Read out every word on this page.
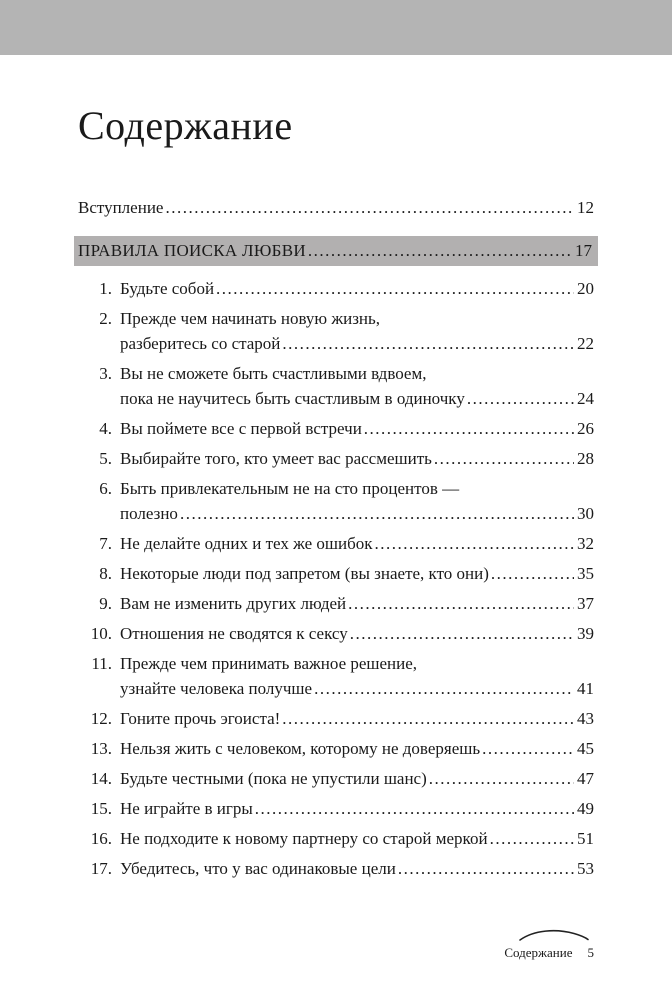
Содержание
Вступление .....	12
ПРАВИЛА ПОИСКА ЛЮБВИ .....	17
1. Будьте собой .....	20
2. Прежде чем начинать новую жизнь,
разберитесь со старой .....	22
3. Вы не сможете быть счастливыми вдвоем,
пока не научитесь быть счастливым в одиночку .....	24
4. Вы поймете все с первой встречи .....	26
5. Выбирайте того, кто умеет вас рассмешить .....	28
6. Быть привлекательным не на сто процентов —
полезно .....	30
7. Не делайте одних и тех же ошибок .....	32
8. Некоторые люди под запретом (вы знаете, кто они) .....	35
9. Вам не изменить других людей .....	37
10. Отношения не сводятся к сексу .....	39
11. Прежде чем принимать важное решение,
узнайте человека получше .....	41
12. Гоните прочь эгоиста! .....	43
13. Нельзя жить с человеком, которому не доверяешь .....	45
14. Будьте честными (пока не упустили шанс) .....	47
15. Не играйте в игры .....	49
16. Не подходите к новому партнеру со старой меркой .....	51
17. Убедитесь, что у вас одинаковые цели .....	53
Содержание 5
